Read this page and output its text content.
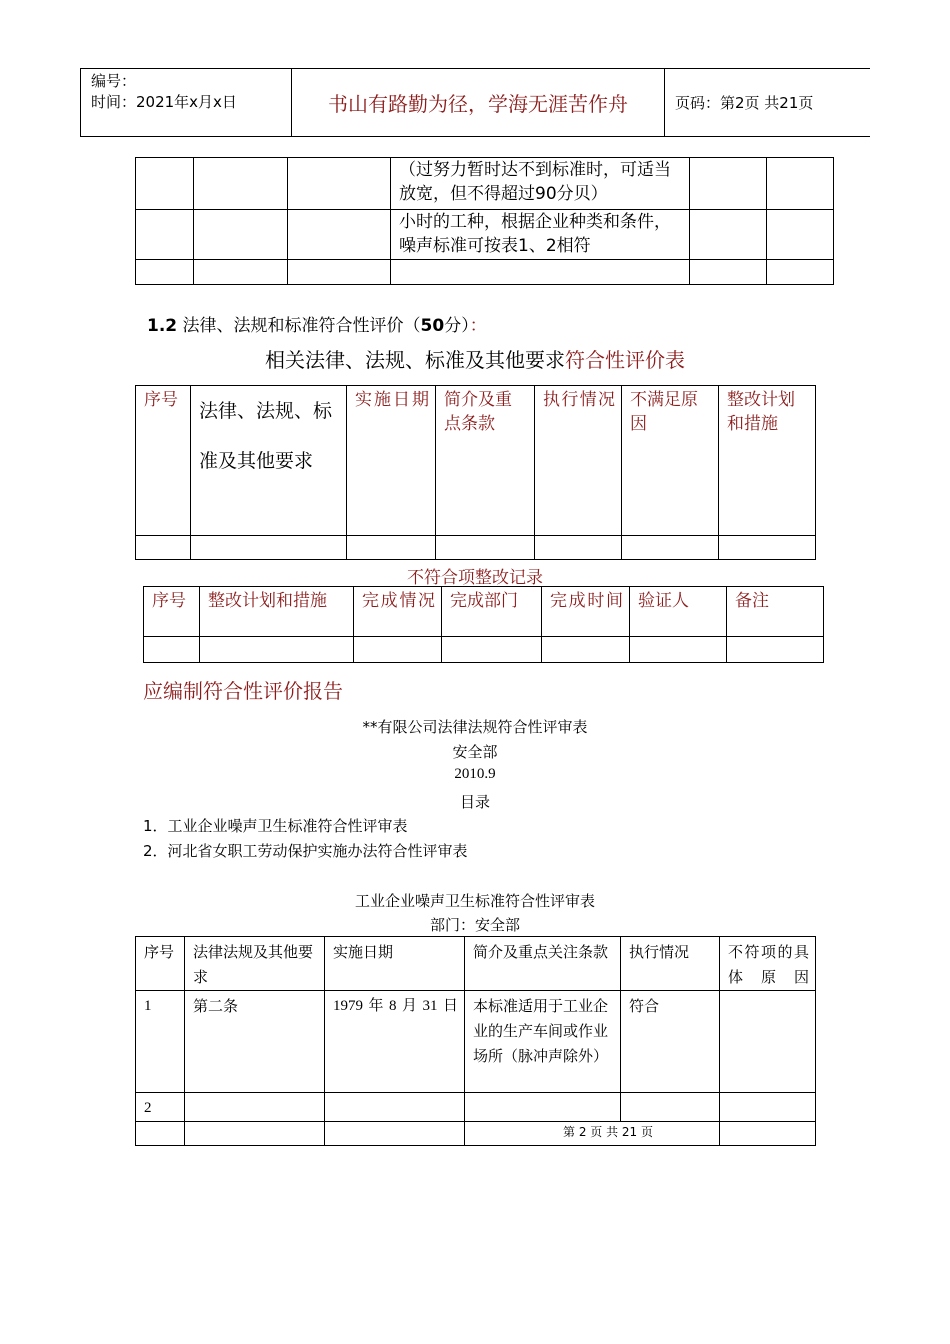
编号：
时间：2021年x月x日	书山有路勤为径，学海无涯苦作舟	页码：第2页 共21页
			（过努力暂时达不到标准时，可适当放宽，但不得超过90分贝）		
			小时的工种，根据企业种类和条件，噪声标准可按表1、2相符		

1.2 法律、法规和标准符合性评价（50分）：
相关法律、法规、标准及其他要求符合性评价表
序号	法律、法规、标准及其他要求	实施日期	简介及重点条款	执行情况	不满足原因	整改计划和措施

不符合项整改记录
序号	整改计划和措施	完成情况	完成部门	完成时间	验证人	备注

应编制符合性评价报告
**有限公司法律法规符合性评审表
安全部
2010.9
目录
1．工业企业噪声卫生标准符合性评审表
2．河北省女职工劳动保护实施办法符合性评审表
工业企业噪声卫生标准符合性评审表
部门：安全部
序号	法律法规及其他要求	实施日期	简介及重点关注条款	执行情况	不符项的具体原因
1	第二条	1979年8月31日	本标准适用于工业企业的生产车间或作业场所（脉冲声除外）	符合	
2					
			第 2 页 共 21 页		
